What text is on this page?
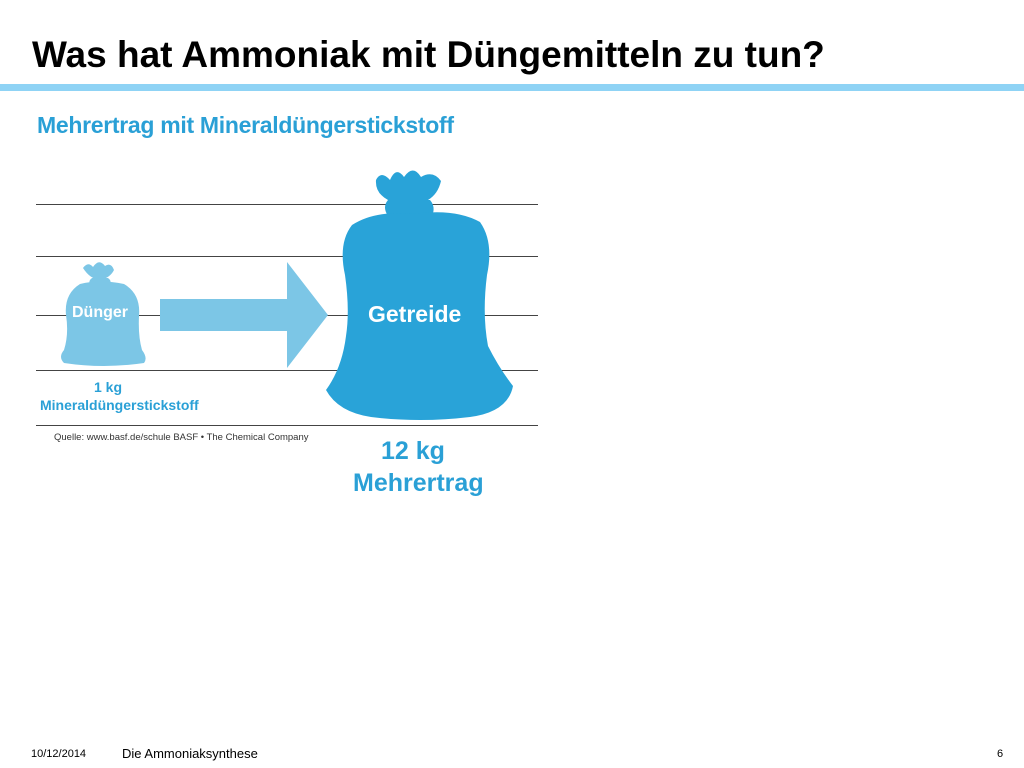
Was hat Ammoniak mit Düngemitteln zu tun?
Mehrertrag mit Mineraldüngerstickstoff
Dünger	Getreide
1 kg
Mineraldüngerstickstoff
Quelle: www.basf.de/schule BASF • The Chemical Company	12 kg
Mehrertrag
10/12/2014	Die Ammoniaksynthese	6
